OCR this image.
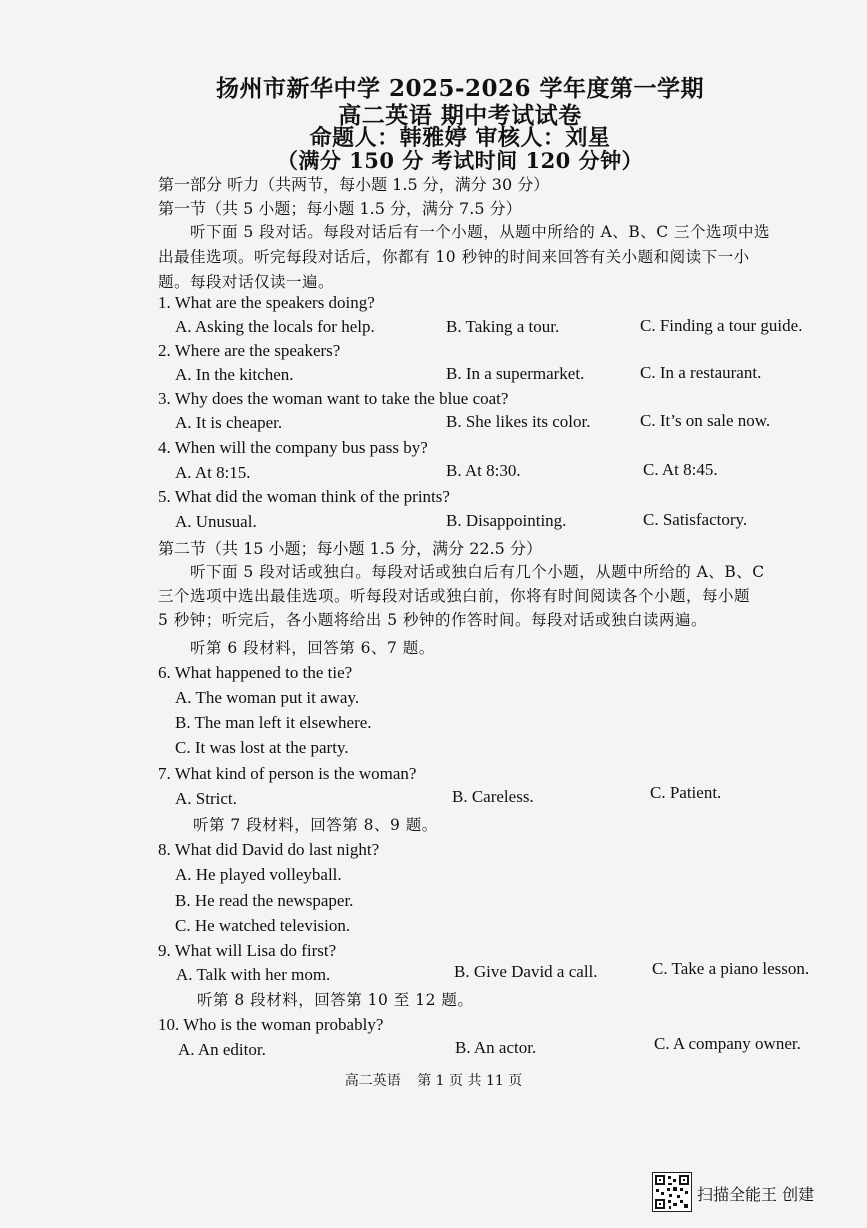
扬州市新华中学 2025-2026 学年度第一学期
高二英语 期中考试试卷
命题人：韩雅婷 审核人：刘星
（满分 150 分 考试时间 120 分钟）
第一部分 听力（共两节，每小题 1.5 分，满分 30 分）
第一节（共 5 小题；每小题 1.5 分，满分 7.5 分）
听下面 5 段对话。每段对话后有一个小题，从题中所给的 A、B、C 三个选项中选
出最佳选项。听完每段对话后，你都有 10 秒钟的时间来回答有关小题和阅读下一小
题。每段对话仅读一遍。
1. What are the speakers doing?
A. Asking the locals for help.	B. Taking a tour.	C. Finding a tour guide.
2. Where are the speakers?
A. In the kitchen.	B. In a supermarket.	C. In a restaurant.
3. Why does the woman want to take the blue coat?
A. It is cheaper.	B. She likes its color.	C. It’s on sale now.
4. When will the company bus pass by?
A. At 8:15.	B. At 8:30.	C. At 8:45.
5. What did the woman think of the prints?
A. Unusual.	B. Disappointing.	C. Satisfactory.
第二节（共 15 小题；每小题 1.5 分，满分 22.5 分）
听下面 5 段对话或独白。每段对话或独白后有几个小题，从题中所给的 A、B、C
三个选项中选出最佳选项。听每段对话或独白前，你将有时间阅读各个小题，每小题
5 秒钟；听完后，各小题将给出 5 秒钟的作答时间。每段对话或独白读两遍。
听第 6 段材料，回答第 6、7 题。
6. What happened to the tie?
A. The woman put it away.
B. The man left it elsewhere.
C. It was lost at the party.
7. What kind of person is the woman?
A. Strict.	B. Careless.	C. Patient.
听第 7 段材料，回答第 8、9 题。
8. What did David do last night?
A. He played volleyball.
B. He read the newspaper.
C. He watched television.
9. What will Lisa do first?
A. Talk with her mom.	B. Give David a call.	C. Take a piano lesson.
听第 8 段材料，回答第 10 至 12 题。
10. Who is the woman probably?
A. An editor.	B. An actor.	C. A company owner.
高二英语 第 1 页 共 11 页
扫描全能王 创建
